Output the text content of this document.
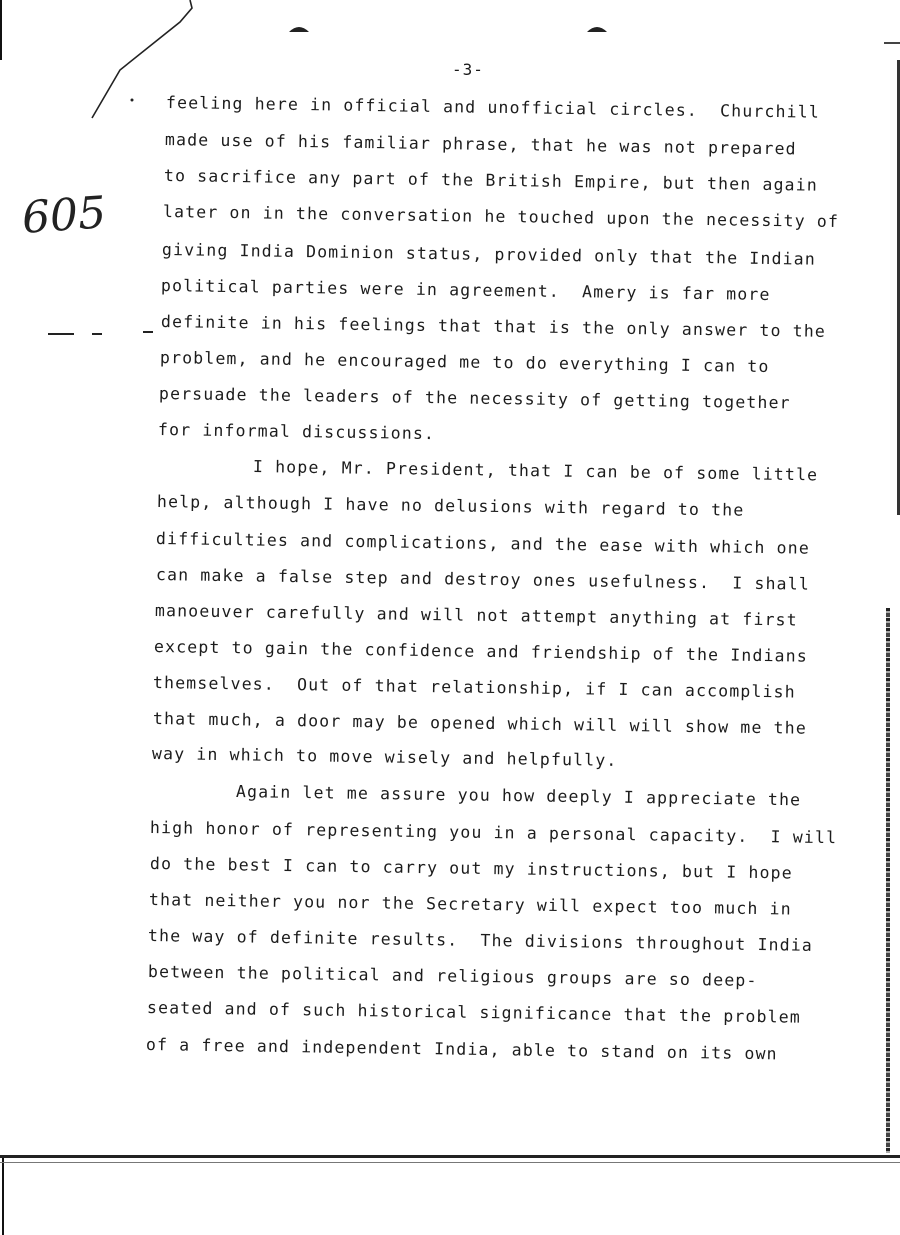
-3-
605
feeling here in official and unofficial circles.  Churchill
made use of his familiar phrase, that he was not prepared
to sacrifice any part of the British Empire, but then again
later on in the conversation he touched upon the necessity of
giving India Dominion status, provided only that the Indian
political parties were in agreement.  Amery is far more
definite in his feelings that that is the only answer to the
problem, and he encouraged me to do everything I can to
persuade the leaders of the necessity of getting together
for informal discussions.
I hope, Mr. President, that I can be of some little
help, although I have no delusions with regard to the
difficulties and complications, and the ease with which one
can make a false step and destroy ones usefulness.  I shall
manoeuver carefully and will not attempt anything at first
except to gain the confidence and friendship of the Indians
themselves.  Out of that relationship, if I can accomplish
that much, a door may be opened which will will show me the
way in which to move wisely and helpfully.
Again let me assure you how deeply I appreciate the
high honor of representing you in a personal capacity.  I will
do the best I can to carry out my instructions, but I hope
that neither you nor the Secretary will expect too much in
the way of definite results.  The divisions throughout India
between the political and religious groups are so deep-
seated and of such historical significance that the problem
of a free and independent India, able to stand on its own
